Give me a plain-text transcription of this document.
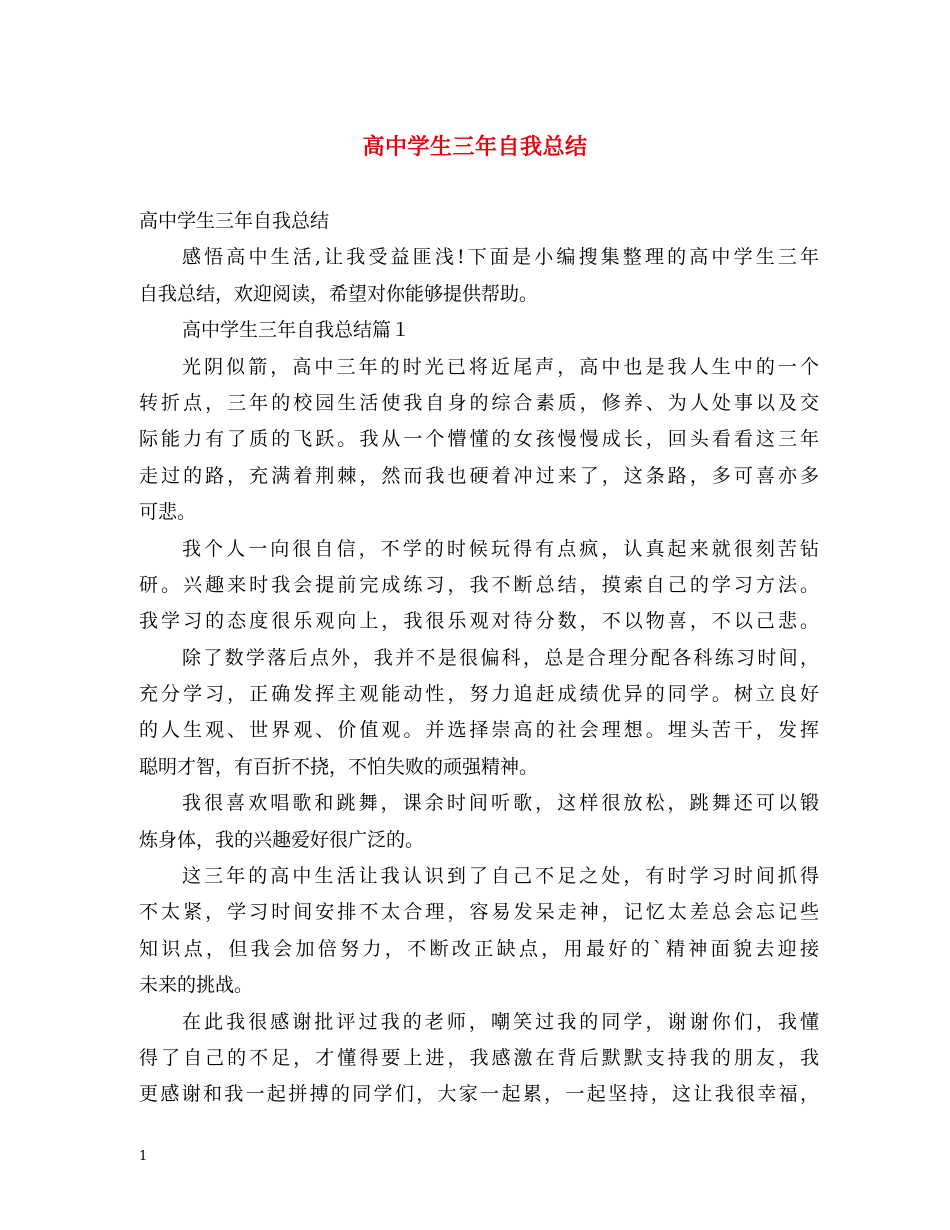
高中学生三年自我总结
高中学生三年自我总结
感悟高中生活,让我受益匪浅!下面是小编搜集整理的高中学生三年
自我总结，欢迎阅读，希望对你能够提供帮助。
高中学生三年自我总结篇１
光阴似箭，高中三年的时光已将近尾声，高中也是我人生中的一个
转折点，三年的校园生活使我自身的综合素质，修养、为人处事以及交
际能力有了质的飞跃。我从一个懵懂的女孩慢慢成长，回头看看这三年
走过的路，充满着荆棘，然而我也硬着冲过来了，这条路，多可喜亦多
可悲。
我个人一向很自信，不学的时候玩得有点疯，认真起来就很刻苦钻
研。兴趣来时我会提前完成练习，我不断总结，摸索自己的学习方法。
我学习的态度很乐观向上，我很乐观对待分数，不以物喜，不以己悲。
除了数学落后点外，我并不是很偏科，总是合理分配各科练习时间，
充分学习，正确发挥主观能动性，努力追赶成绩优异的同学。树立良好
的人生观、世界观、价值观。并选择崇高的社会理想。埋头苦干，发挥
聪明才智，有百折不挠，不怕失败的顽强精神。
我很喜欢唱歌和跳舞，课余时间听歌，这样很放松，跳舞还可以锻
炼身体，我的兴趣爱好很广泛的。
这三年的高中生活让我认识到了自己不足之处，有时学习时间抓得
不太紧，学习时间安排不太合理，容易发呆走神，记忆太差总会忘记些
知识点，但我会加倍努力，不断改正缺点，用最好的`精神面貌去迎接
未来的挑战。
在此我很感谢批评过我的老师，嘲笑过我的同学，谢谢你们，我懂
得了自己的不足，才懂得要上进，我感激在背后默默支持我的朋友，我
更感谢和我一起拼搏的同学们，大家一起累，一起坚持，这让我很幸福，
1
